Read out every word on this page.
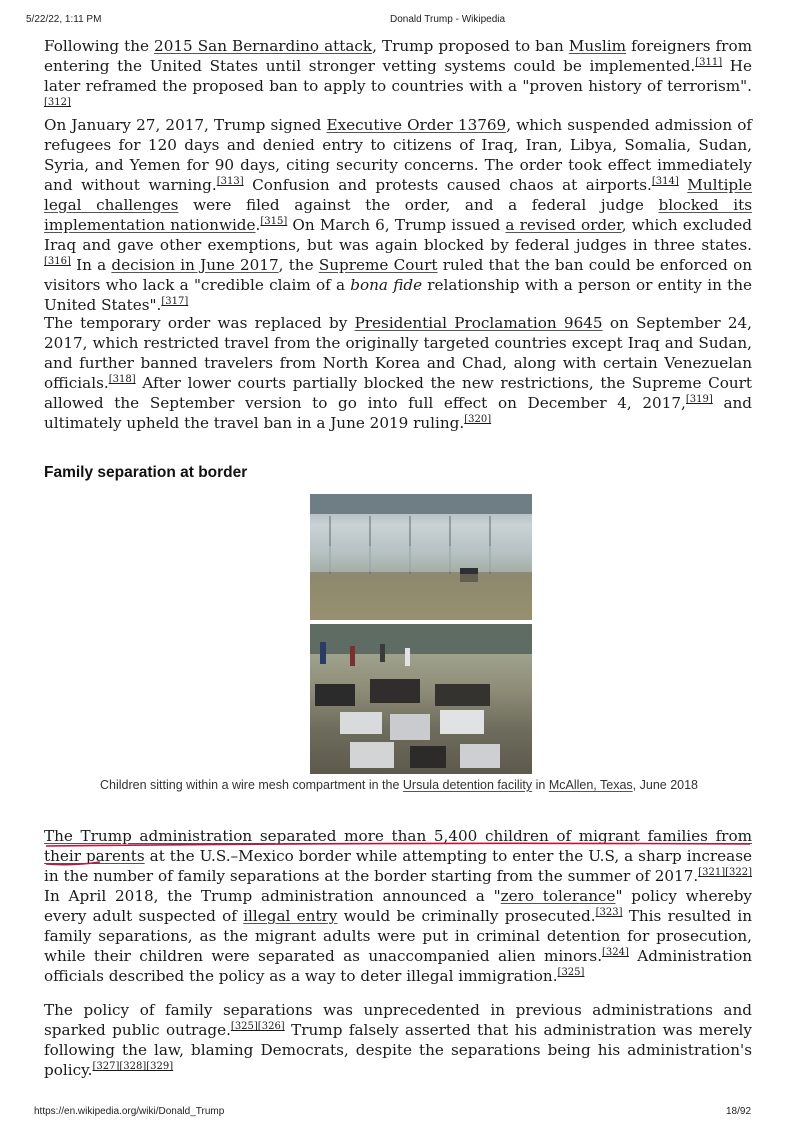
5/22/22, 1:11 PM	Donald Trump - Wikipedia

Following the 2015 San Bernardino attack, Trump proposed to ban Muslim foreigners from entering the United States until stronger vetting systems could be implemented.[311] He later reframed the proposed ban to apply to countries with a "proven history of terrorism".[312]

On January 27, 2017, Trump signed Executive Order 13769, which suspended admission of refugees for 120 days and denied entry to citizens of Iraq, Iran, Libya, Somalia, Sudan, Syria, and Yemen for 90 days, citing security concerns. The order took effect immediately and without warning.[313] Confusion and protests caused chaos at airports.[314] Multiple legal challenges were filed against the order, and a federal judge blocked its implementation nationwide.[315] On March 6, Trump issued a revised order, which excluded Iraq and gave other exemptions, but was again blocked by federal judges in three states.[316] In a decision in June 2017, the Supreme Court ruled that the ban could be enforced on visitors who lack a "credible claim of a bona fide relationship with a person or entity in the United States".[317]

The temporary order was replaced by Presidential Proclamation 9645 on September 24, 2017, which restricted travel from the originally targeted countries except Iraq and Sudan, and further banned travelers from North Korea and Chad, along with certain Venezuelan officials.[318] After lower courts partially blocked the new restrictions, the Supreme Court allowed the September version to go into full effect on December 4, 2017,[319] and ultimately upheld the travel ban in a June 2019 ruling.[320]

Family separation at border

Children sitting within a wire mesh compartment in the Ursula detention facility in McAllen, Texas, June 2018

The Trump administration separated more than 5,400 children of migrant families from their parents at the U.S.–Mexico border while attempting to enter the U.S, a sharp increase in the number of family separations at the border starting from the summer of 2017.[321][322] In April 2018, the Trump administration announced a "zero tolerance" policy whereby every adult suspected of illegal entry would be criminally prosecuted.[323] This resulted in family separations, as the migrant adults were put in criminal detention for prosecution, while their children were separated as unaccompanied alien minors.[324] Administration officials described the policy as a way to deter illegal immigration.[325]

The policy of family separations was unprecedented in previous administrations and sparked public outrage.[325][326] Trump falsely asserted that his administration was merely following the law, blaming Democrats, despite the separations being his administration's policy.[327][328][329]

https://en.wikipedia.org/wiki/Donald_Trump	18/92
